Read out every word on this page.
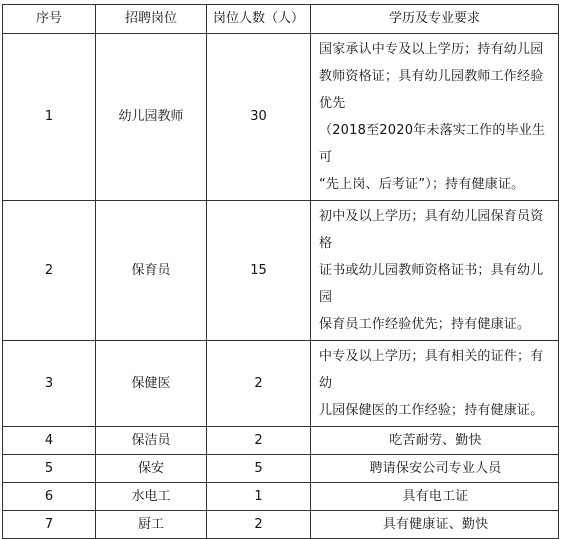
序号	招聘岗位	岗位人数（人）	学历及专业要求
1	幼儿园教师	30	国家承认中专及以上学历；持有幼儿园
教师资格证；具有幼儿园教师工作经验优先
（2018至2020年未落实工作的毕业生可
“先上岗、后考证”）；持有健康证。

2	保育员	15	初中及以上学历；具有幼儿园保育员资格
证书或幼儿园教师资格证书；具有幼儿园
保育员工作经验优先；持有健康证。

3	保健医	2	中专及以上学历；具有相关的证件；有幼
儿园保健医的工作经验；持有健康证。

4	保洁员	2	吃苦耐劳、勤快

5	保安	5	聘请保安公司专业人员

6	水电工	1	具有电工证

7	厨工	2	具有健康证、勤快
